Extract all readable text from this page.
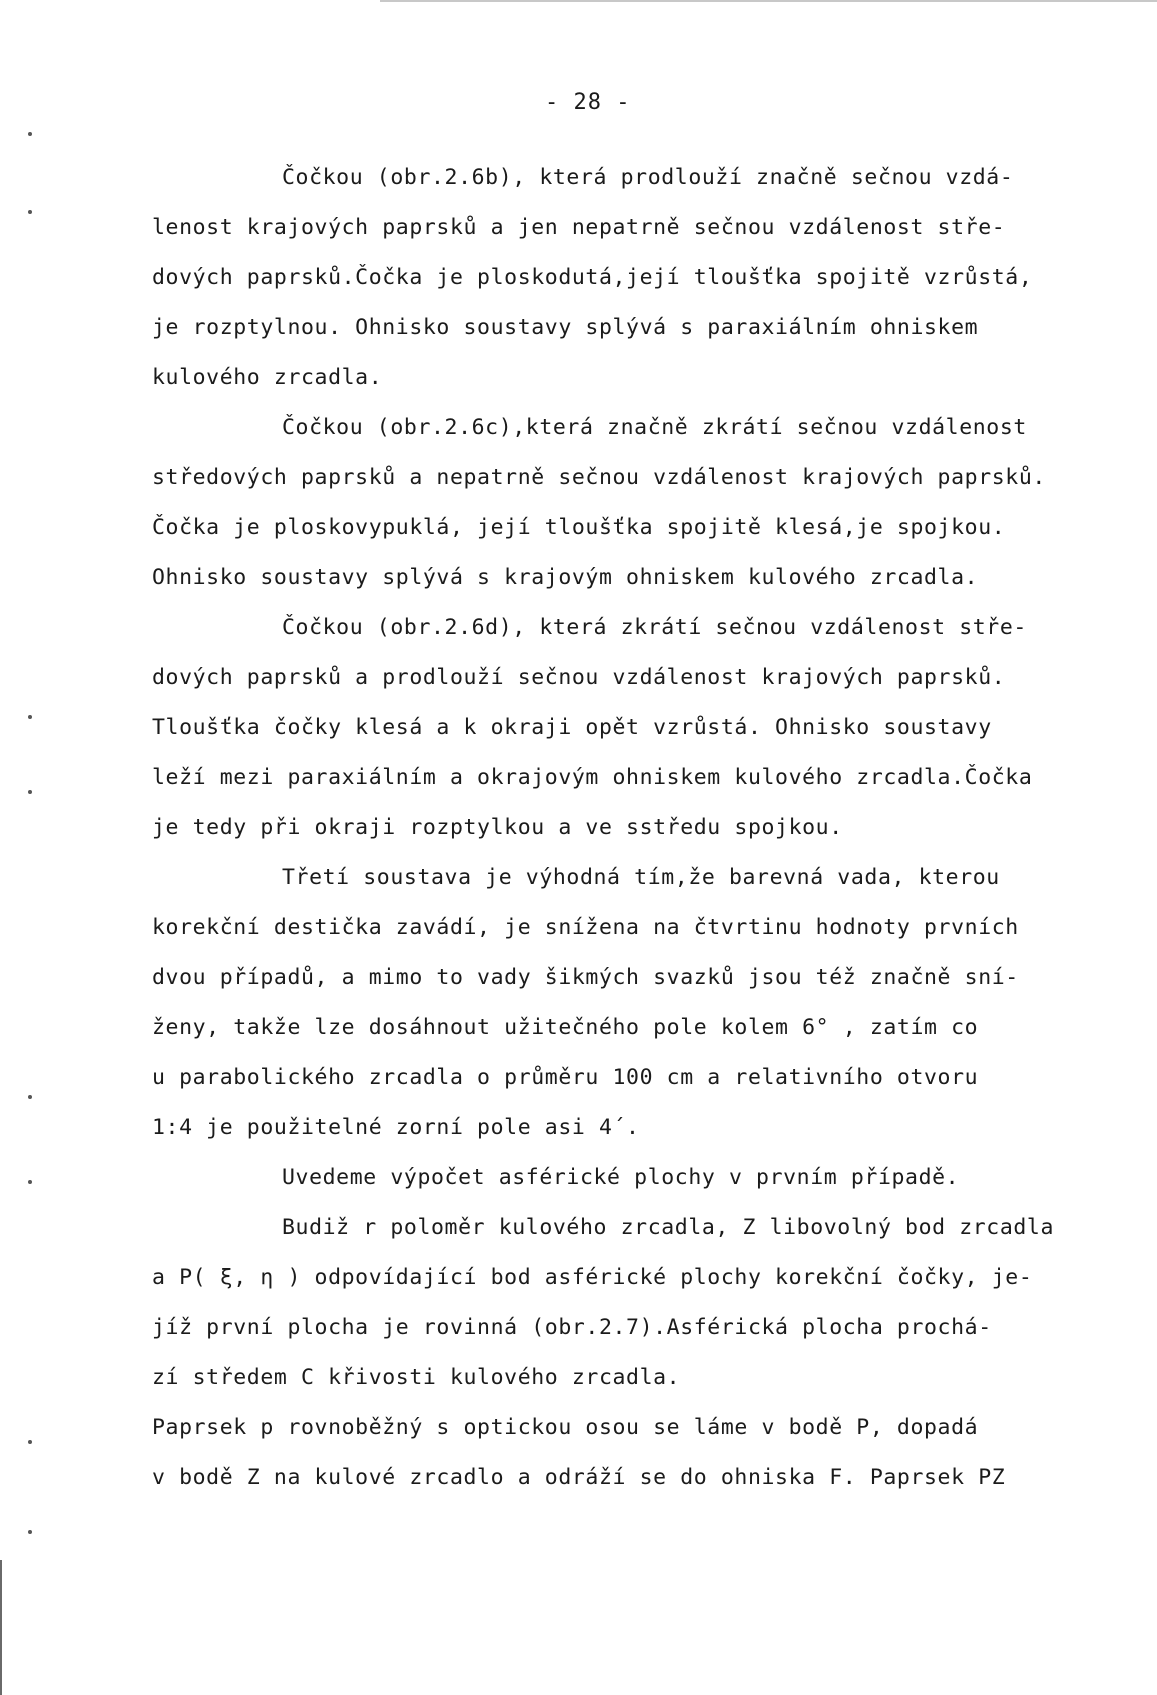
- 28 -
Čočkou (obr.2.6b), která prodlouží značně sečnou vzdá-
lenost krajových paprsků a jen nepatrně sečnou vzdálenost stře-
dových paprsků.Čočka je ploskodutá,její tloušťka spojitě vzrůstá,
je rozptylnou. Ohnisko soustavy splývá s paraxiálním ohniskem
kulového zrcadla.
Čočkou (obr.2.6c),která značně zkrátí sečnou vzdálenost
středových paprsků a nepatrně sečnou vzdálenost krajových paprsků.
Čočka je ploskovypuklá, její tloušťka spojitě klesá,je spojkou.
Ohnisko soustavy splývá s krajovým ohniskem kulového zrcadla.
Čočkou (obr.2.6d), která zkrátí sečnou vzdálenost stře-
dových paprsků a prodlouží sečnou vzdálenost krajových paprsků.
Tloušťka čočky klesá a k okraji opět vzrůstá. Ohnisko soustavy
leží mezi paraxiálním a okrajovým ohniskem kulového zrcadla.Čočka
je tedy při okraji rozptylkou a ve sstředu spojkou.
Třetí soustava je výhodná tím,že barevná vada, kterou
korekční destička zavádí, je snížena na čtvrtinu hodnoty prvních
dvou případů, a mimo to vady šikmých svazků jsou též značně sní-
ženy, takže lze dosáhnout užitečného pole kolem 6° , zatím co
u parabolického zrcadla o průměru 100 cm a relativního otvoru
1:4 je použitelné zorní pole asi 4´.
Uvedeme výpočet asférické plochy v prvním případě.
Budiž r poloměr kulového zrcadla, Z libovolný bod zrcadla
a P( ξ, η ) odpovídající bod asférické plochy korekční čočky, je-
jíž první plocha je rovinná (obr.2.7).Asférická plocha prochá-
zí středem C křivosti kulového zrcadla.
Paprsek p rovnoběžný s optickou osou se láme v bodě P, dopadá
v bodě Z na kulové zrcadlo a odráží se do ohniska F. Paprsek PZ
